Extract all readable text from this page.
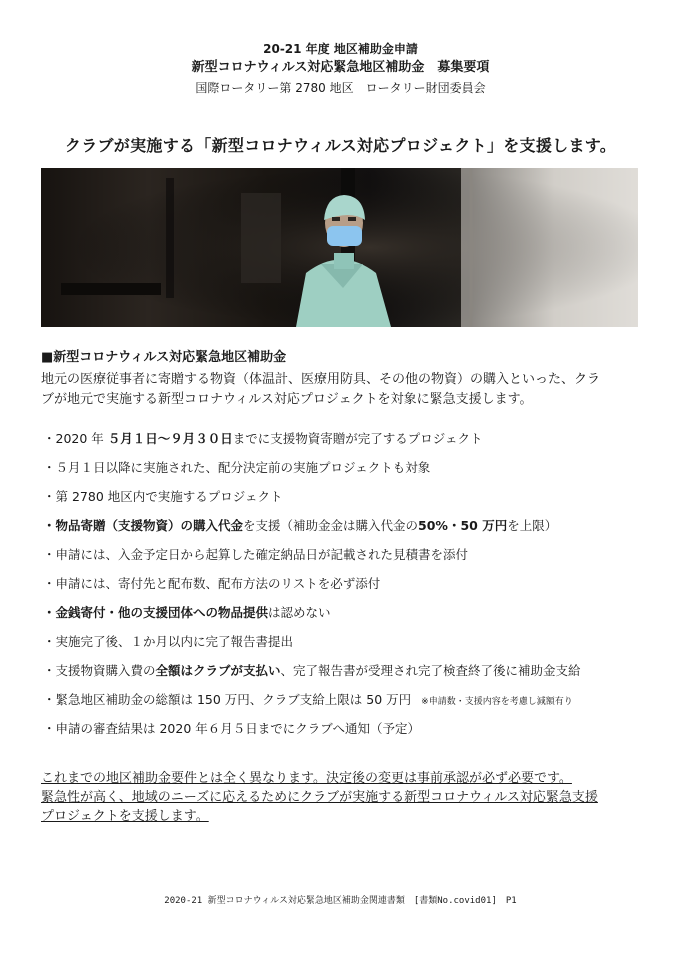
20-21 年度 地区補助金申請
新型コロナウィルス対応緊急地区補助金　募集要項
国際ロータリー第 2780 地区　ロータリー財団委員会
クラブが実施する「新型コロナウィルス対応プロジェクト」を支援します。
■新型コロナウィルス対応緊急地区補助金
地元の医療従事者に寄贈する物資（体温計、医療用防具、その他の物資）の購入といった、クラ
ブが地元で実施する新型コロナウィルス対応プロジェクトを対象に緊急支援します。
・2020 年 ５月１日〜９月３０日までに支援物資寄贈が完了するプロジェクト
・５月１日以降に実施された、配分決定前の実施プロジェクトも対象
・第 2780 地区内で実施するプロジェクト
・物品寄贈（支援物資）の購入代金を支援（補助金金は購入代金の50%・50 万円を上限）
・申請には、入金予定日から起算した確定納品日が記載された見積書を添付
・申請には、寄付先と配布数、配布方法のリストを必ず添付
・金銭寄付・他の支援団体への物品提供は認めない
・実施完了後、１か月以内に完了報告書提出
・支援物資購入費の全額はクラブが支払い、完了報告書が受理され完了検査終了後に補助金支給
・緊急地区補助金の総額は 150 万円、クラブ支給上限は 50 万円 ※申請数・支援内容を考慮し減額有り
・申請の審査結果は 2020 年６月５日までにクラブへ通知（予定）
これまでの地区補助金要件とは全く異なります。決定後の変更は事前承認が必ず必要です。
緊急性が高く、地域のニーズに応えるためにクラブが実施する新型コロナウィルス対応緊急支援
プロジェクトを支援します。
2020-21 新型コロナウィルス対応緊急地区補助金関連書類　[書類No.covid01]　P1
